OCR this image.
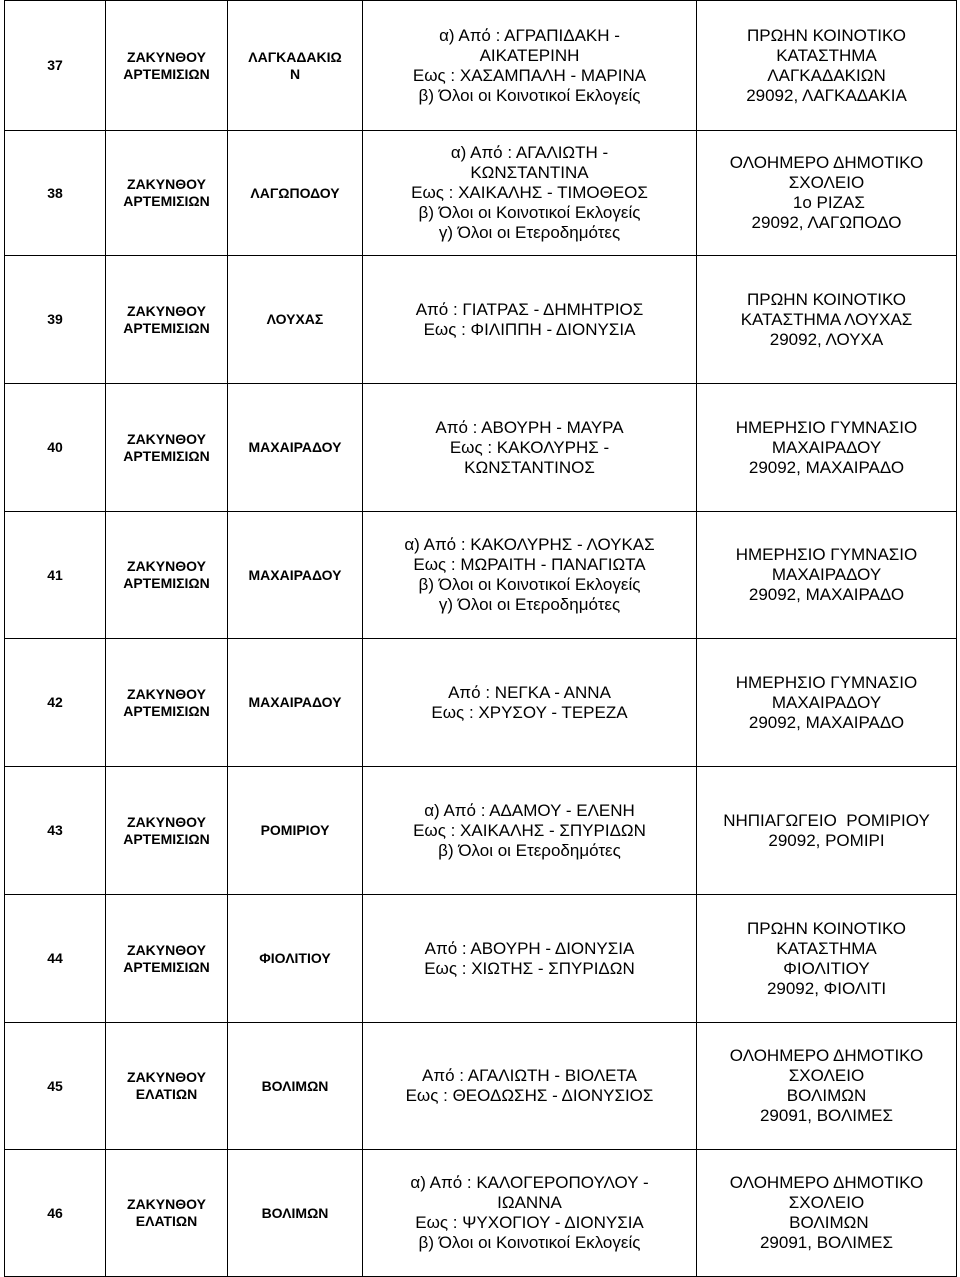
37	ΖΑΚΥΝΘΟΥ
ΑΡΤΕΜΙΣΙΩΝ	ΛΑΓΚΑΔΑΚΙΩ
Ν	α) Από : ΑΓΡΑΠΙΔΑΚΗ -
ΑΙΚΑΤΕΡΙΝΗ
Εως : ΧΑΣΑΜΠΑΛΗ - ΜΑΡΙΝΑ
β) Όλοι οι Κοινοτικοί Εκλογείς	ΠΡΩΗΝ ΚΟΙΝΟΤΙΚΟ
ΚΑΤΑΣΤΗΜΑ
ΛΑΓΚΑΔΑΚΙΩΝ
29092, ΛΑΓΚΑΔΑΚΙΑ

38	ΖΑΚΥΝΘΟΥ
ΑΡΤΕΜΙΣΙΩΝ	ΛΑΓΩΠΟΔΟΥ	α) Από : ΑΓΑΛΙΩΤΗ -
ΚΩΝΣΤΑΝΤΙΝΑ
Εως : ΧΑΙΚΑΛΗΣ - ΤΙΜΟΘΕΟΣ
β) Όλοι οι Κοινοτικοί Εκλογείς
γ) Όλοι οι Ετεροδημότες	ΟΛΟΗΜΕΡΟ ΔΗΜΟΤΙΚΟ
ΣΧΟΛΕΙΟ
1ο ΡΙΖΑΣ
29092, ΛΑΓΩΠΟΔΟ

39	ΖΑΚΥΝΘΟΥ
ΑΡΤΕΜΙΣΙΩΝ	ΛΟΥΧΑΣ	Από : ΓΙΑΤΡΑΣ - ΔΗΜΗΤΡΙΟΣ
Εως : ΦΙΛΙΠΠΗ - ΔΙΟΝΥΣΙΑ	ΠΡΩΗΝ ΚΟΙΝΟΤΙΚΟ
ΚΑΤΑΣΤΗΜΑ ΛΟΥΧΑΣ
29092, ΛΟΥΧΑ

40	ΖΑΚΥΝΘΟΥ
ΑΡΤΕΜΙΣΙΩΝ	ΜΑΧΑΙΡΑΔΟΥ	Από : ΑΒΟΥΡΗ - ΜΑΥΡΑ
Εως : ΚΑΚΟΛΥΡΗΣ -
ΚΩΝΣΤΑΝΤΙΝΟΣ	ΗΜΕΡΗΣΙΟ ΓΥΜΝΑΣΙΟ
ΜΑΧΑΙΡΑΔΟΥ
29092, ΜΑΧΑΙΡΑΔΟ

41	ΖΑΚΥΝΘΟΥ
ΑΡΤΕΜΙΣΙΩΝ	ΜΑΧΑΙΡΑΔΟΥ	α) Από : ΚΑΚΟΛΥΡΗΣ - ΛΟΥΚΑΣ
Εως : ΜΩΡΑΙΤΗ - ΠΑΝΑΓΙΩΤΑ
β) Όλοι οι Κοινοτικοί Εκλογείς
γ) Όλοι οι Ετεροδημότες	ΗΜΕΡΗΣΙΟ ΓΥΜΝΑΣΙΟ
ΜΑΧΑΙΡΑΔΟΥ
29092, ΜΑΧΑΙΡΑΔΟ

42	ΖΑΚΥΝΘΟΥ
ΑΡΤΕΜΙΣΙΩΝ	ΜΑΧΑΙΡΑΔΟΥ	Από : ΝΕΓΚΑ - ΑΝΝΑ
Εως : ΧΡΥΣΟΥ - ΤΕΡΕΖΑ	ΗΜΕΡΗΣΙΟ ΓΥΜΝΑΣΙΟ
ΜΑΧΑΙΡΑΔΟΥ
29092, ΜΑΧΑΙΡΑΔΟ

43	ΖΑΚΥΝΘΟΥ
ΑΡΤΕΜΙΣΙΩΝ	ΡΟΜΙΡΙΟΥ	α) Από : ΑΔΑΜΟΥ - ΕΛΕΝΗ
Εως : ΧΑΙΚΑΛΗΣ - ΣΠΥΡΙΔΩΝ
β) Όλοι οι Ετεροδημότες	ΝΗΠΙΑΓΩΓΕΙΟ  ΡΟΜΙΡΙΟΥ
29092, ΡΟΜΙΡΙ

44	ΖΑΚΥΝΘΟΥ
ΑΡΤΕΜΙΣΙΩΝ	ΦΙΟΛΙΤΙΟΥ	Από : ΑΒΟΥΡΗ - ΔΙΟΝΥΣΙΑ
Εως : ΧΙΩΤΗΣ - ΣΠΥΡΙΔΩΝ	ΠΡΩΗΝ ΚΟΙΝΟΤΙΚΟ
ΚΑΤΑΣΤΗΜΑ
ΦΙΟΛΙΤΙΟΥ
29092, ΦΙΟΛΙΤΙ

45	ΖΑΚΥΝΘΟΥ
ΕΛΑΤΙΩΝ	ΒΟΛΙΜΩΝ	Από : ΑΓΑΛΙΩΤΗ - ΒΙΟΛΕΤΑ
Εως : ΘΕΟΔΩΣΗΣ - ΔΙΟΝΥΣΙΟΣ	ΟΛΟΗΜΕΡΟ ΔΗΜΟΤΙΚΟ
ΣΧΟΛΕΙΟ
ΒΟΛΙΜΩΝ
29091, ΒΟΛΙΜΕΣ

46	ΖΑΚΥΝΘΟΥ
ΕΛΑΤΙΩΝ	ΒΟΛΙΜΩΝ	α) Από : ΚΑΛΟΓΕΡΟΠΟΥΛΟΥ -
ΙΩΑΝΝΑ
Εως : ΨΥΧΟΓΙΟΥ - ΔΙΟΝΥΣΙΑ
β) Όλοι οι Κοινοτικοί Εκλογείς	ΟΛΟΗΜΕΡΟ ΔΗΜΟΤΙΚΟ
ΣΧΟΛΕΙΟ
ΒΟΛΙΜΩΝ
29091, ΒΟΛΙΜΕΣ
